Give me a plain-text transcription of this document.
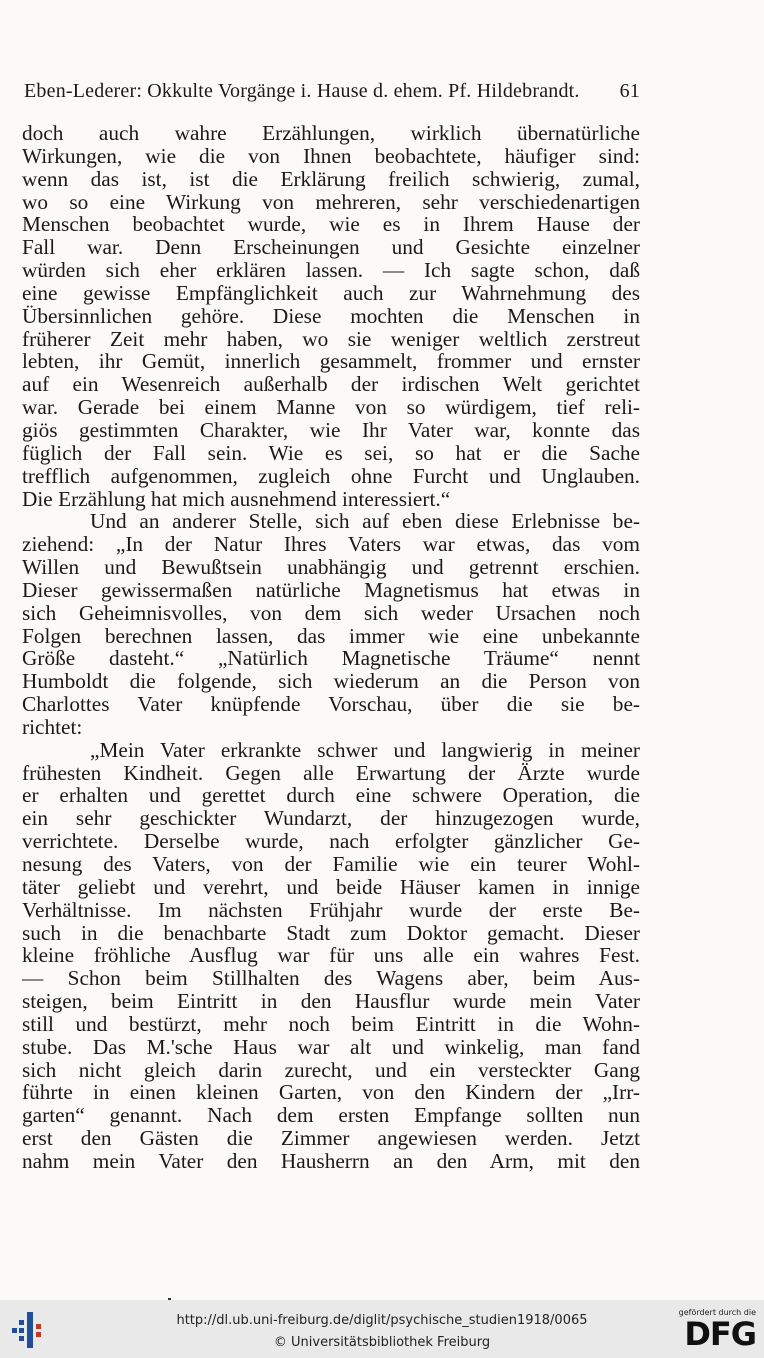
Eben-Lederer: Okkulte Vorgänge i. Hause d. ehem. Pf. Hildebrandt. 61
doch auch wahre Erzählungen, wirklich übernatürliche
Wirkungen, wie die von Ihnen beobachtete, häufiger sind:
wenn das ist, ist die Erklärung freilich schwierig, zumal,
wo so eine Wirkung von mehreren, sehr verschiedenartigen
Menschen beobachtet wurde, wie es in Ihrem Hause der
Fall war. Denn Erscheinungen und Gesichte einzelner
würden sich eher erklären lassen. — Ich sagte schon, daß
eine gewisse Empfänglichkeit auch zur Wahrnehmung des
Übersinnlichen gehöre. Diese mochten die Menschen in
früherer Zeit mehr haben, wo sie weniger weltlich zerstreut
lebten, ihr Gemüt, innerlich gesammelt, frommer und ernster
auf ein Wesenreich außerhalb der irdischen Welt gerichtet
war. Gerade bei einem Manne von so würdigem, tief reli-
giös gestimmten Charakter, wie Ihr Vater war, konnte das
füglich der Fall sein. Wie es sei, so hat er die Sache
trefflich aufgenommen, zugleich ohne Furcht und Unglauben.
Die Erzählung hat mich ausnehmend interessiert.“
Und an anderer Stelle, sich auf eben diese Erlebnisse be-
ziehend: „In der Natur Ihres Vaters war etwas, das vom
Willen und Bewußtsein unabhängig und getrennt erschien.
Dieser gewissermaßen natürliche Magnetismus hat etwas in
sich Geheimnisvolles, von dem sich weder Ursachen noch
Folgen berechnen lassen, das immer wie eine unbekannte
Größe dasteht.“ „Natürlich Magnetische Träume“ nennt
Humboldt die folgende, sich wiederum an die Person von
Charlottes Vater knüpfende Vorschau, über die sie be-
richtet:
„Mein Vater erkrankte schwer und langwierig in meiner
frühesten Kindheit. Gegen alle Erwartung der Ärzte wurde
er erhalten und gerettet durch eine schwere Operation, die
ein sehr geschickter Wundarzt, der hinzugezogen wurde,
verrichtete. Derselbe wurde, nach erfolgter gänzlicher Ge-
nesung des Vaters, von der Familie wie ein teurer Wohl-
täter geliebt und verehrt, und beide Häuser kamen in innige
Verhältnisse. Im nächsten Frühjahr wurde der erste Be-
such in die benachbarte Stadt zum Doktor gemacht. Dieser
kleine fröhliche Ausflug war für uns alle ein wahres Fest.
— Schon beim Stillhalten des Wagens aber, beim Aus-
steigen, beim Eintritt in den Hausflur wurde mein Vater
still und bestürzt, mehr noch beim Eintritt in die Wohn-
stube. Das M.'sche Haus war alt und winkelig, man fand
sich nicht gleich darin zurecht, und ein versteckter Gang
führte in einen kleinen Garten, von den Kindern der „Irr-
garten“ genannt. Nach dem ersten Empfange sollten nun
erst den Gästen die Zimmer angewiesen werden. Jetzt
nahm mein Vater den Hausherrn an den Arm, mit den
http://dl.ub.uni-freiburg.de/diglit/psychische_studien1918/0065
© Universitätsbibliothek Freiburg
gefördert durch die
DFG
